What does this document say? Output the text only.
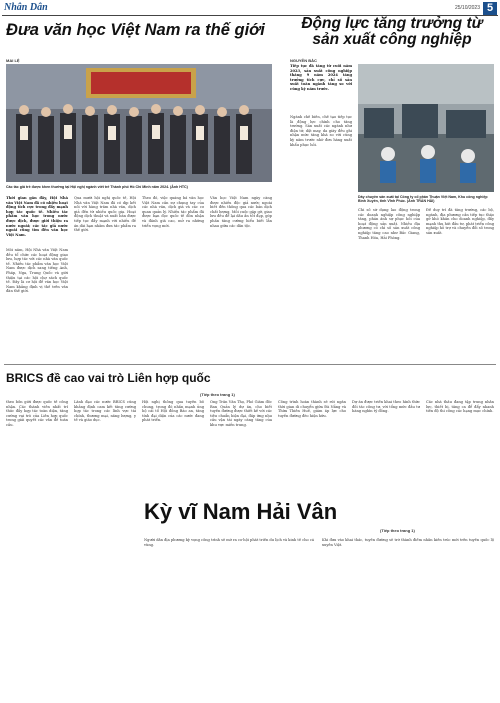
Nhân Dân	25/10/2023 5
Đưa văn học Việt Nam ra thế giới
MAI LỆ
Các tác giả trẻ được khen thưởng tại Hội nghị ngành viết trẻ Thành phố Hồ Chí Minh năm 2024. (Ảnh HTC)
Thời gian gần đây, Hội Nhà văn Việt Nam đã có nhiều hoạt động tích cực trong đẩy mạnh hợp tác quốc tế. Nhiều tác phẩm văn học trong nước được dịch, được giới thiệu ra nước ngoài; các tác giả nước ngoài cũng tìm đến văn học Việt Nam.
Mỗi năm, Hội Nhà văn Việt Nam đều tổ chức các hoạt động giao lưu, hợp tác với các nhà văn quốc tế. Nhiều tác phẩm văn học Việt Nam được dịch sang tiếng Anh, Pháp, Nga, Trung Quốc và giới thiệu tại các hội chợ sách quốc tế. Đây là cơ hội để văn học Việt Nam khẳng định vị thế trên văn đàn thế giới.
Qua mười hội nghị quốc tế, Hội Nhà văn Việt Nam đã có dịp kết nối với hàng trăm nhà văn, dịch giả đến từ nhiều quốc gia. Hoạt động dịch thuật và xuất bản được tiếp tục đẩy mạnh với nhiều đề án dài hạn nhằm đưa tác phẩm ra thế giới.
Theo đó, việc quảng bá văn học Việt Nam cần sự chung tay của các nhà văn, dịch giả và các cơ quan quản lý. Nhiều tác phẩm đã được bạn đọc quốc tế đón nhận và đánh giá cao, mở ra những triển vọng mới.
Văn học Việt Nam ngày càng được nhiều độc giả nước ngoài biết đến thông qua các bản dịch chất lượng. Mỗi cuộc gặp gỡ, giao lưu đều để lại dấu ấn tốt đẹp, góp phần tăng cường hiểu biết lẫn nhau giữa các dân tộc.
Động lực tăng trưởng từ sản xuất công nghiệp
NGUYỄN BẮC
Tiếp tục đà tăng từ cuối năm 2023, sản xuất công nghiệp tháng 9 năm 2024 tăng trưởng tích cực, chỉ số sản xuất toàn ngành tăng so với cùng kỳ năm trước.
Ngành chế biến, chế tạo tiếp tục là động lực chính cho tăng trưởng. Sản xuất các ngành như điện tử, dệt may, da giày đều ghi nhận mức tăng khá so với cùng kỳ năm trước nhờ đơn hàng xuất khẩu phục hồi.
Dây chuyền sản xuất tại Công ty cổ phần Thuận Việt Nam, Khu công nghiệp Bình Xuyên, tỉnh Vĩnh Phúc. (Ảnh TRẦN HẢI)
Chỉ số sử dụng lao động trong các doanh nghiệp công nghiệp tăng, phản ánh sự phục hồi của hoạt động sản xuất. Nhiều địa phương có chỉ số sản xuất công nghiệp tăng cao như Bắc Giang, Thanh Hóa, Hải Phòng.
Để duy trì đà tăng trưởng, các bộ, ngành, địa phương cần tiếp tục tháo gỡ khó khăn cho doanh nghiệp, đẩy mạnh thu hút đầu tư, phát triển công nghiệp hỗ trợ và chuyển đổi số trong sản xuất.
BRICS đề cao vai trò Liên hợp quốc
(Tiếp theo trang 1)
theo bốn giới được quốc tế công nhận. Các thành viên nhất trí thúc đẩy hợp tác toàn diện, tăng cường vai trò của Liên hợp quốc trong giải quyết các vấn đề toàn cầu.
Lãnh đạo các nước BRICS cũng khẳng định cam kết tăng cường hợp tác trong các lĩnh vực tài chính, thương mại, năng lượng, y tế và giáo dục.
Hội nghị thông qua tuyên bố chung, trong đó nhấn mạnh ủng hộ cải tổ Hội đồng Bảo an, tăng tính đại diện của các nước đang phát triển.
Kỳ vĩ Nam Hải Vân
(Tiếp theo trang 1)
Ông Trần Văn Thọ, Phó Giám đốc Ban Quản lý dự án, cho biết tuyến đường được thiết kế với các tiêu chuẩn hiện đại, đáp ứng nhu cầu vận tải ngày càng tăng của khu vực miền trung.
Công trình hoàn thành sẽ rút ngắn thời gian di chuyển giữa Đà Nẵng và Thừa Thiên Huế, giảm áp lực cho tuyến đường đèo hiện hữu.
Dự án được triển khai theo hình thức đối tác công tư, với tổng mức đầu tư hàng nghìn tỷ đồng.
Các nhà thầu đang tập trung nhân lực, thiết bị, tăng ca để đẩy nhanh tiến độ thi công các hạng mục chính.
Người dân địa phương kỳ vọng công trình sẽ mở ra cơ hội phát triển du lịch và kinh tế cho cả vùng.
Khi đưa vào khai thác, tuyến đường sẽ trở thành điểm nhấn kiến trúc mới trên tuyến quốc lộ xuyên Việt.
